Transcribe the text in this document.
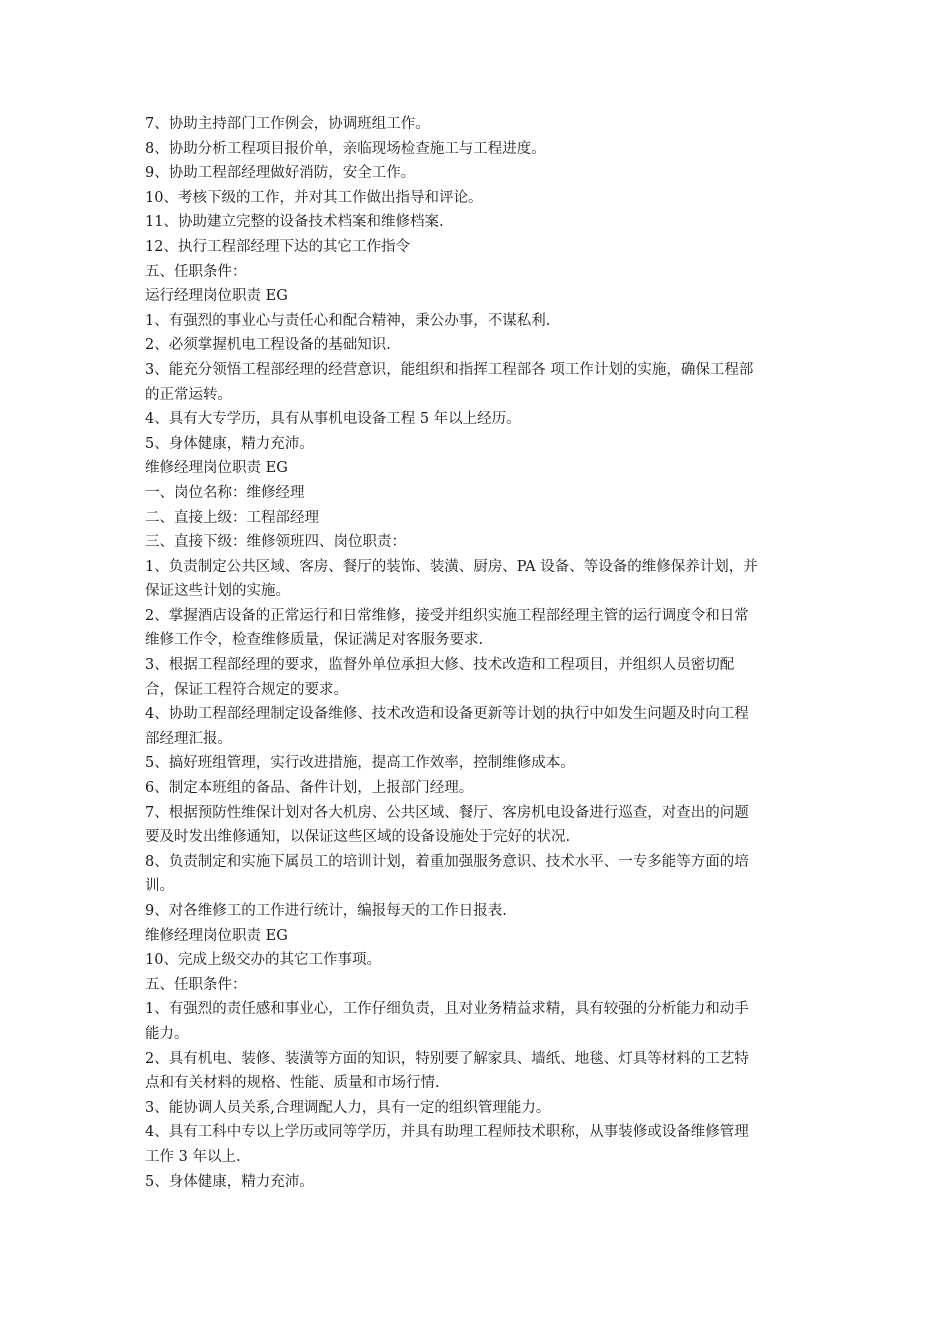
7、协助主持部门工作例会，协调班组工作。
8、协助分析工程项目报价单，亲临现场检查施工与工程进度。
9、协助工程部经理做好消防，安全工作。
10、考核下级的工作，并对其工作做出指导和评论。
11、协助建立完整的设备技术档案和维修档案.
12、执行工程部经理下达的其它工作指令
五、任职条件：
运行经理岗位职责 EG
1、有强烈的事业心与责任心和配合精神，秉公办事，不谋私利.
2、必须掌握机电工程设备的基础知识.
3、能充分领悟工程部经理的经营意识，能组织和指挥工程部各 项工作计划的实施，确保工程部
的正常运转。
4、具有大专学历，具有从事机电设备工程 5 年以上经历。
5、身体健康，精力充沛。
维修经理岗位职责 EG
一、岗位名称：维修经理
二、直接上级：工程部经理
三、直接下级：维修领班四、岗位职责：
1、负责制定公共区域、客房、餐厅的装饰、装潢、厨房、PA 设备、等设备的维修保养计划，并
保证这些计划的实施。
2、掌握酒店设备的正常运行和日常维修，接受并组织实施工程部经理主管的运行调度令和日常
维修工作令，检查维修质量，保证满足对客服务要求.
3、根据工程部经理的要求，监督外单位承担大修、技术改造和工程项目，并组织人员密切配
合，保证工程符合规定的要求。
4、协助工程部经理制定设备维修、技术改造和设备更新等计划的执行中如发生问题及时向工程
部经理汇报。
5、搞好班组管理，实行改进措施，提高工作效率，控制维修成本。
6、制定本班组的备品、备件计划，上报部门经理。
7、根据预防性维保计划对各大机房、公共区域、餐厅、客房机电设备进行巡查，对查出的问题
要及时发出维修通知，以保证这些区域的设备设施处于完好的状况.
8、负责制定和实施下属员工的培训计划，着重加强服务意识、技术水平、一专多能等方面的培
训。
9、对各维修工的工作进行统计，编报每天的工作日报表.
维修经理岗位职责 EG
10、完成上级交办的其它工作事项。
五、任职条件：
1、有强烈的责任感和事业心，工作仔细负责，且对业务精益求精，具有较强的分析能力和动手
能力。
2、具有机电、装修、装潢等方面的知识，特别要了解家具、墙纸、地毯、灯具等材料的工艺特
点和有关材料的规格、性能、质量和市场行情.
3、能协调人员关系,合理调配人力，具有一定的组织管理能力。
4、具有工科中专以上学历或同等学历，并具有助理工程师技术职称，从事装修或设备维修管理
工作 3 年以上.
5、身体健康，精力充沛。
